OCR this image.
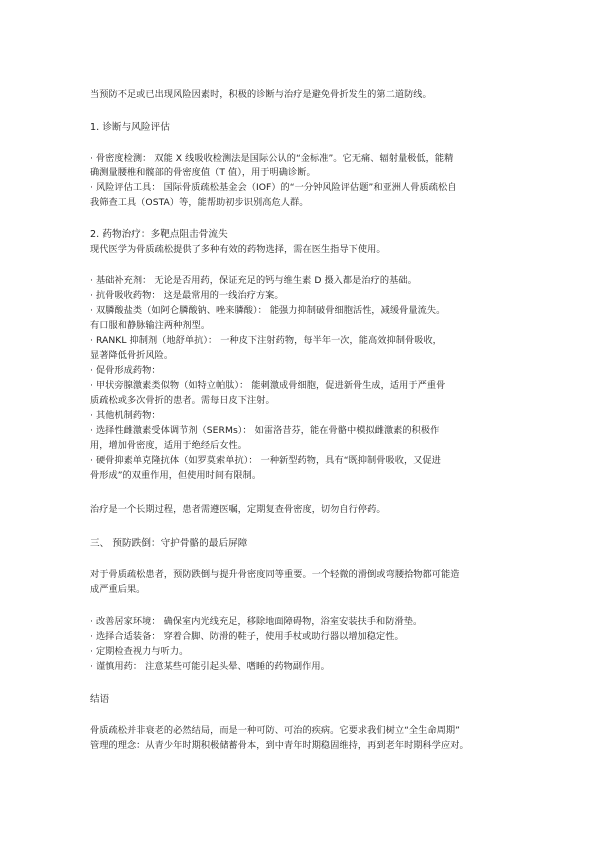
当预防不足或已出现风险因素时，积极的诊断与治疗是避免骨折发生的第二道防线。
1. 诊断与风险评估
· 骨密度检测： 双能 X 线吸收检测法是国际公认的“金标准”。它无痛、辐射量极低，能精
确测量腰椎和髋部的骨密度值（T 值），用于明确诊断。
· 风险评估工具： 国际骨质疏松基金会（IOF）的“一分钟风险评估题”和亚洲人骨质疏松自
我筛查工具（OSTA）等，能帮助初步识别高危人群。
2. 药物治疗：多靶点阻击骨流失
现代医学为骨质疏松提供了多种有效的药物选择，需在医生指导下使用。
· 基础补充剂： 无论是否用药，保证充足的钙与维生素 D 摄入都是治疗的基础。
· 抗骨吸收药物： 这是最常用的一线治疗方案。
· 双膦酸盐类（如阿仑膦酸钠、唑来膦酸）： 能强力抑制破骨细胞活性，减缓骨量流失。
有口服和静脉输注两种剂型。
· RANKL 抑制剂（地舒单抗）： 一种皮下注射药物，每半年一次，能高效抑制骨吸收，
显著降低骨折风险。
· 促骨形成药物：
· 甲状旁腺激素类似物（如特立帕肽）： 能刺激成骨细胞，促进新骨生成，适用于严重骨
质疏松或多次骨折的患者。需每日皮下注射。
· 其他机制药物：
· 选择性雌激素受体调节剂（SERMs）： 如雷洛昔芬，能在骨骼中模拟雌激素的积极作
用，增加骨密度，适用于绝经后女性。
· 硬骨抑素单克隆抗体（如罗莫索单抗）： 一种新型药物，具有“既抑制骨吸收，又促进
骨形成”的双重作用，但使用时间有限制。
治疗是一个长期过程，患者需遵医嘱，定期复查骨密度，切勿自行停药。
三、 预防跌倒：守护骨骼的最后屏障
对于骨质疏松患者，预防跌倒与提升骨密度同等重要。一个轻微的滑倒或弯腰拾物都可能造
成严重后果。
· 改善居家环境： 确保室内光线充足，移除地面障碍物，浴室安装扶手和防滑垫。
· 选择合适装备： 穿着合脚、防滑的鞋子，使用手杖或助行器以增加稳定性。
· 定期检查视力与听力。
· 谨慎用药： 注意某些可能引起头晕、嗜睡的药物副作用。
结语
骨质疏松并非衰老的必然结局，而是一种可防、可治的疾病。它要求我们树立“全生命周期”
管理的理念：从青少年时期积极储蓄骨本，到中青年时期稳固维持，再到老年时期科学应对。
